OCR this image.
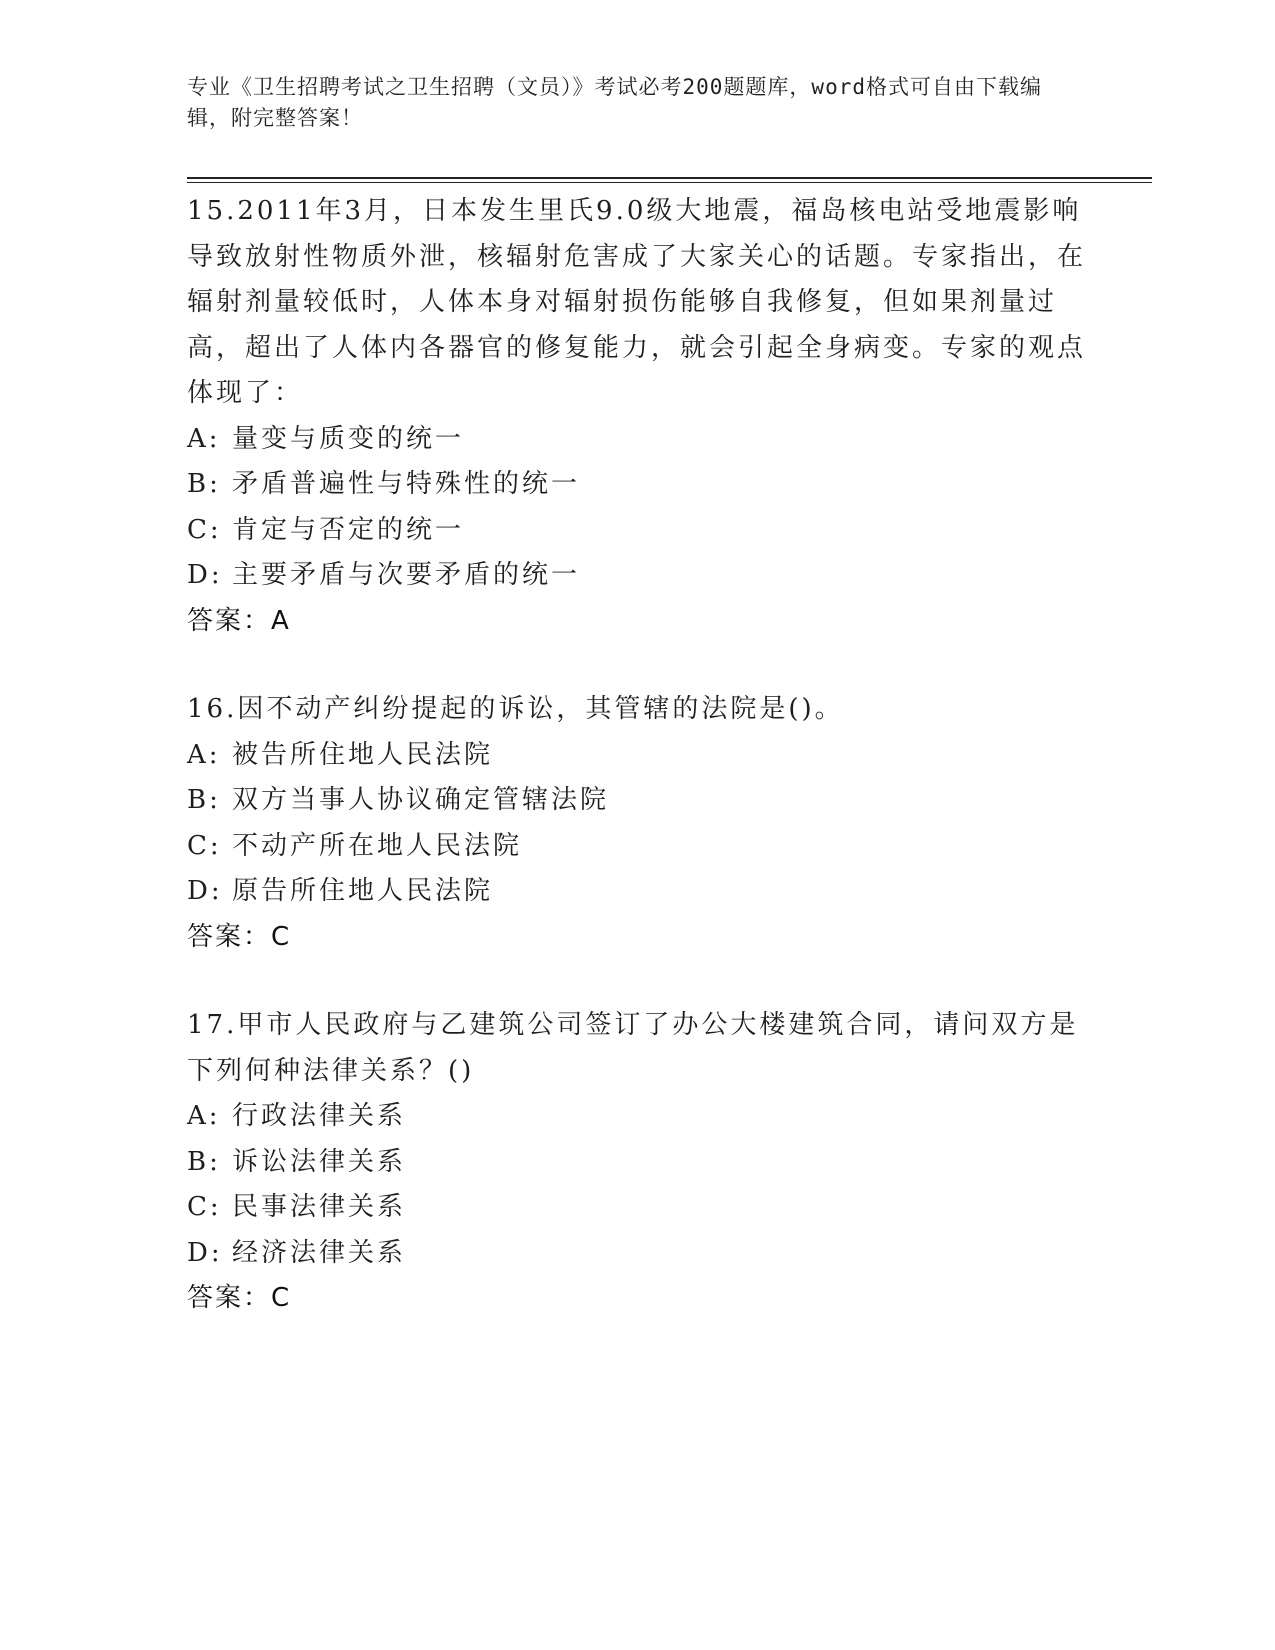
专业《卫生招聘考试之卫生招聘（文员）》考试必考200题题库，word格式可自由下载编辑，附完整答案！

15.2011年3月，日本发生里氏9.0级大地震，福岛核电站受地震影响导致放射性物质外泄，核辐射危害成了大家关心的话题。专家指出，在辐射剂量较低时，人体本身对辐射损伤能够自我修复，但如果剂量过高，超出了人体内各器官的修复能力，就会引起全身病变。专家的观点体现了：

A: 量变与质变的统一

B: 矛盾普遍性与特殊性的统一

C: 肯定与否定的统一

D: 主要矛盾与次要矛盾的统一

答案：A

16.因不动产纠纷提起的诉讼，其管辖的法院是()。

A: 被告所住地人民法院

B: 双方当事人协议确定管辖法院

C: 不动产所在地人民法院

D: 原告所住地人民法院

答案：C

17.甲市人民政府与乙建筑公司签订了办公大楼建筑合同，请问双方是下列何种法律关系？()

A: 行政法律关系

B: 诉讼法律关系

C: 民事法律关系

D: 经济法律关系

答案：C
